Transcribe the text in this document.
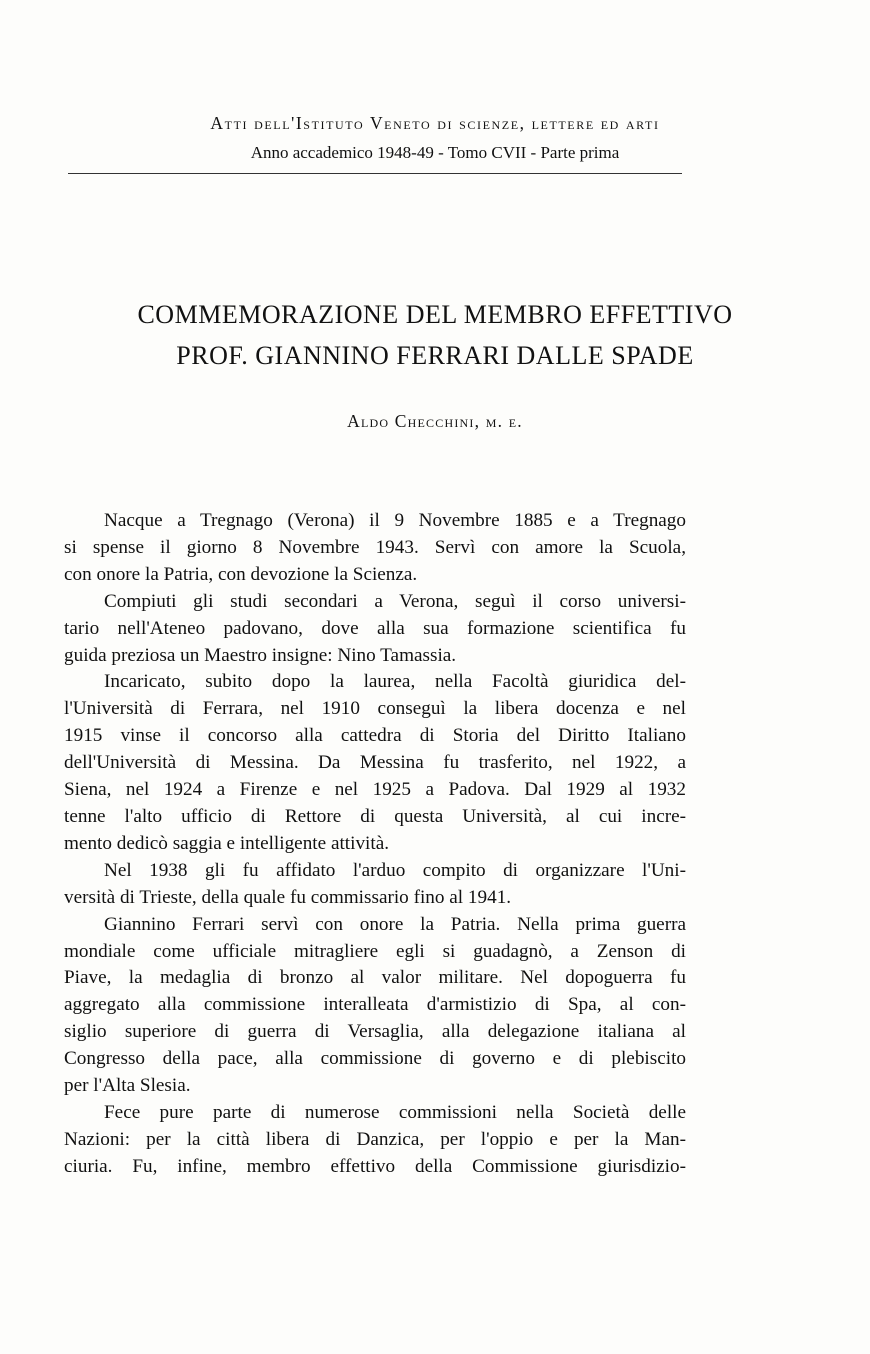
Atti dell'Istituto Veneto di scienze, lettere ed arti
Anno accademico 1948-49 - Tomo CVII - Parte prima
COMMEMORAZIONE DEL MEMBRO EFFETTIVO
PROF. GIANNINO FERRARI DALLE SPADE
Aldo Checchini, m. e.
Nacque a Tregnago (Verona) il 9 Novembre 1885 e a Tregnago
si spense il giorno 8 Novembre 1943. Servì con amore la Scuola,
con onore la Patria, con devozione la Scienza.
Compiuti gli studi secondari a Verona, seguì il corso universi-
tario nell'Ateneo padovano, dove alla sua formazione scientifica fu
guida preziosa un Maestro insigne: Nino Tamassia.
Incaricato, subito dopo la laurea, nella Facoltà giuridica del-
l'Università di Ferrara, nel 1910 conseguì la libera docenza e nel
1915 vinse il concorso alla cattedra di Storia del Diritto Italiano
dell'Università di Messina. Da Messina fu trasferito, nel 1922, a
Siena, nel 1924 a Firenze e nel 1925 a Padova. Dal 1929 al 1932
tenne l'alto ufficio di Rettore di questa Università, al cui incre-
mento dedicò saggia e intelligente attività.
Nel 1938 gli fu affidato l'arduo compito di organizzare l'Uni-
versità di Trieste, della quale fu commissario fino al 1941.
Giannino Ferrari servì con onore la Patria. Nella prima guerra
mondiale come ufficiale mitragliere egli si guadagnò, a Zenson di
Piave, la medaglia di bronzo al valor militare. Nel dopoguerra fu
aggregato alla commissione interalleata d'armistizio di Spa, al con-
siglio superiore di guerra di Versaglia, alla delegazione italiana al
Congresso della pace, alla commissione di governo e di plebiscito
per l'Alta Slesia.
Fece pure parte di numerose commissioni nella Società delle
Nazioni: per la città libera di Danzica, per l'oppio e per la Man-
ciuria. Fu, infine, membro effettivo della Commissione giurisdizio-
